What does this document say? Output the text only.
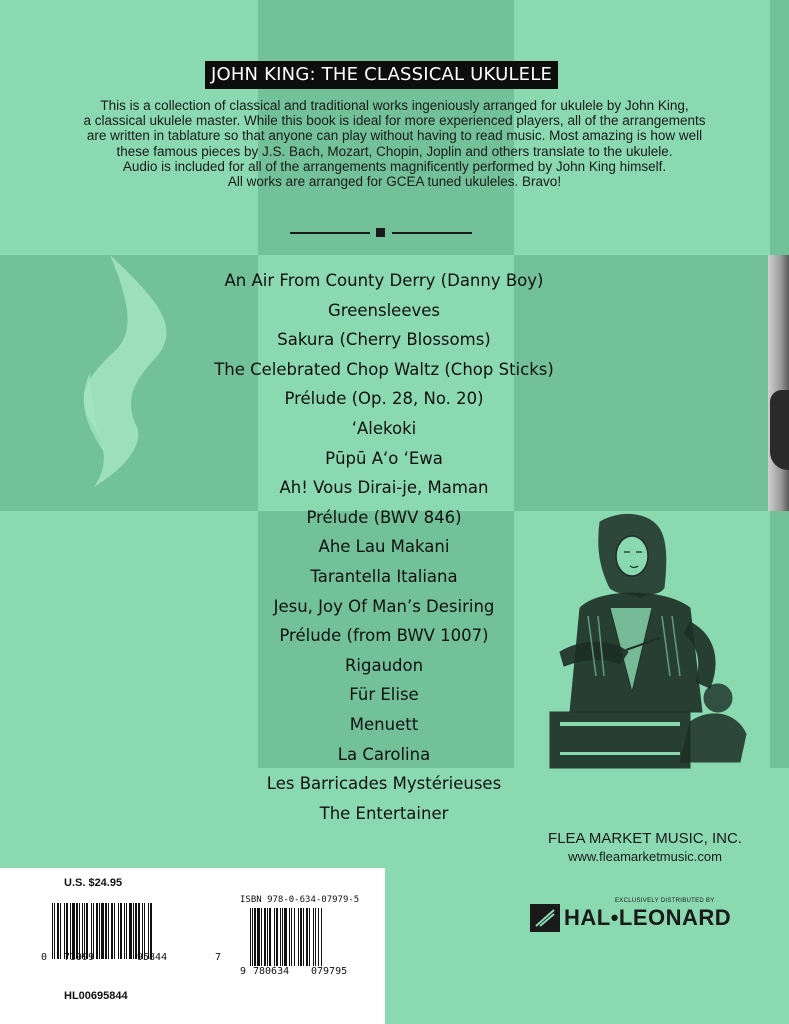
JOHN KING: THE CLASSICAL UKULELE
This is a collection of classical and traditional works ingeniously arranged for ukulele by John King,
a classical ukulele master. While this book is ideal for more experienced players, all of the arrangements
are written in tablature so that anyone can play without having to read music. Most amazing is how well
these famous pieces by J.S. Bach, Mozart, Chopin, Joplin and others translate to the ukulele.
Audio is included for all of the arrangements magnificently performed by John King himself.
All works are arranged for GCEA tuned ukuleles. Bravo!
An Air From County Derry (Danny Boy)
Greensleeves
Sakura (Cherry Blossoms)
The Celebrated Chop Waltz (Chop Sticks)
Prélude (Op. 28, No. 20)
ʻAlekoki
Pūpū Aʻo ʻEwa
Ah! Vous Dirai-je, Maman
Prélude (BWV 846)
Ahe Lau Makani
Tarantella Italiana
Jesu, Joy Of Man’s Desiring
Prélude (from BWV 1007)
Rigaudon
Für Elise
Menuett
La Carolina
Les Barricades Mystérieuses
The Entertainer
FLEA MARKET MUSIC, INC.
www.fleamarketmusic.com
EXCLUSIVELY DISTRIBUTED BY
HAL•LEONARD
U.S. $24.95
0 73999	95844	7
HL00695844
ISBN 978-0-634-07979-5
9 780634 079795
